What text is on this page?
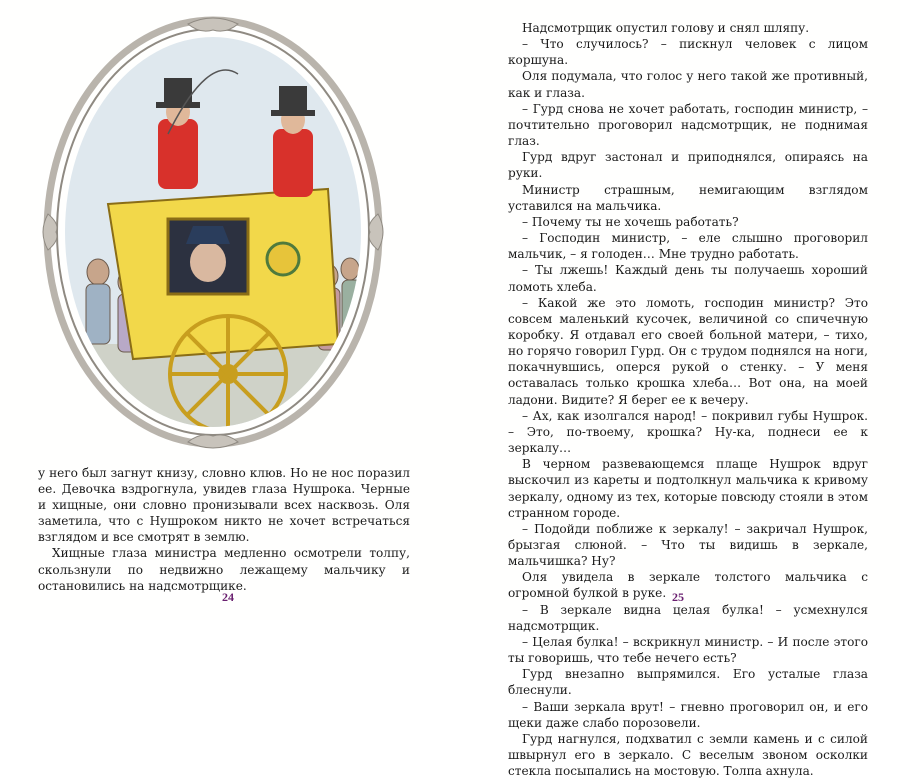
у него был загнут книзу, словно клюв. Но не нос поразил ее. Девочка вздрогнула, увидев глаза Нушрока. Черные и хищные, они словно пронизывали всех насквозь. Оля заметила, что с Нушроком никто не хочет встречаться взглядом и все смотрят в землю.

Хищные глаза министра медленно осмотрели толпу, скользнули по недвижно лежащему мальчику и остановились на надсмотрщике.

24

Надсмотрщик опустил голову и снял шляпу.

– Что случилось? – пискнул человек с лицом коршуна.

Оля подумала, что голос у него такой же противный, как и глаза.

– Гурд снова не хочет работать, господин министр, – почтительно проговорил надсмотрщик, не поднимая глаз.

Гурд вдруг застонал и приподнялся, опираясь на руки.

Министр страшным, немигающим взглядом уставился на мальчика.

– Почему ты не хочешь работать?

– Господин министр, – еле слышно проговорил мальчик, – я голоден… Мне трудно работать.

– Ты лжешь! Каждый день ты получаешь хороший ломоть хлеба.

– Какой же это ломоть, господин министр? Это совсем маленький кусочек, величиной со спичечную коробку. Я отдавал его своей больной матери, – тихо, но горячо говорил Гурд. Он с трудом поднялся на ноги, покачнувшись, оперся рукой о стенку. – У меня оставалась только крошка хлеба… Вот она, на моей ладони. Видите? Я берег ее к вечеру.

– Ах, как изолгался народ! – покривил губы Нушрок. – Это, по-твоему, крошка? Ну-ка, поднеси ее к зеркалу…

В черном развевающемся плаще Нушрок вдруг выскочил из кареты и подтолкнул мальчика к кривому зеркалу, одному из тех, которые повсюду стояли в этом странном городе.

– Подойди поближе к зеркалу! – закричал Нушрок, брызгая слюной. – Что ты видишь в зеркале, мальчишка? Ну?

Оля увидела в зеркале толстого мальчика с огромной булкой в руке.

– В зеркале видна целая булка! – усмехнулся надсмотрщик.

– Целая булка! – вскрикнул министр. – И после этого ты говоришь, что тебе нечего есть?

Гурд внезапно выпрямился. Его усталые глаза блеснули.

– Ваши зеркала врут! – гневно проговорил он, и его щеки даже слабо порозовели.

Гурд нагнулся, подхватил с земли камень и с силой швырнул его в зеркало. С веселым звоном осколки стекла посыпались на мостовую. Толпа ахнула.

25
